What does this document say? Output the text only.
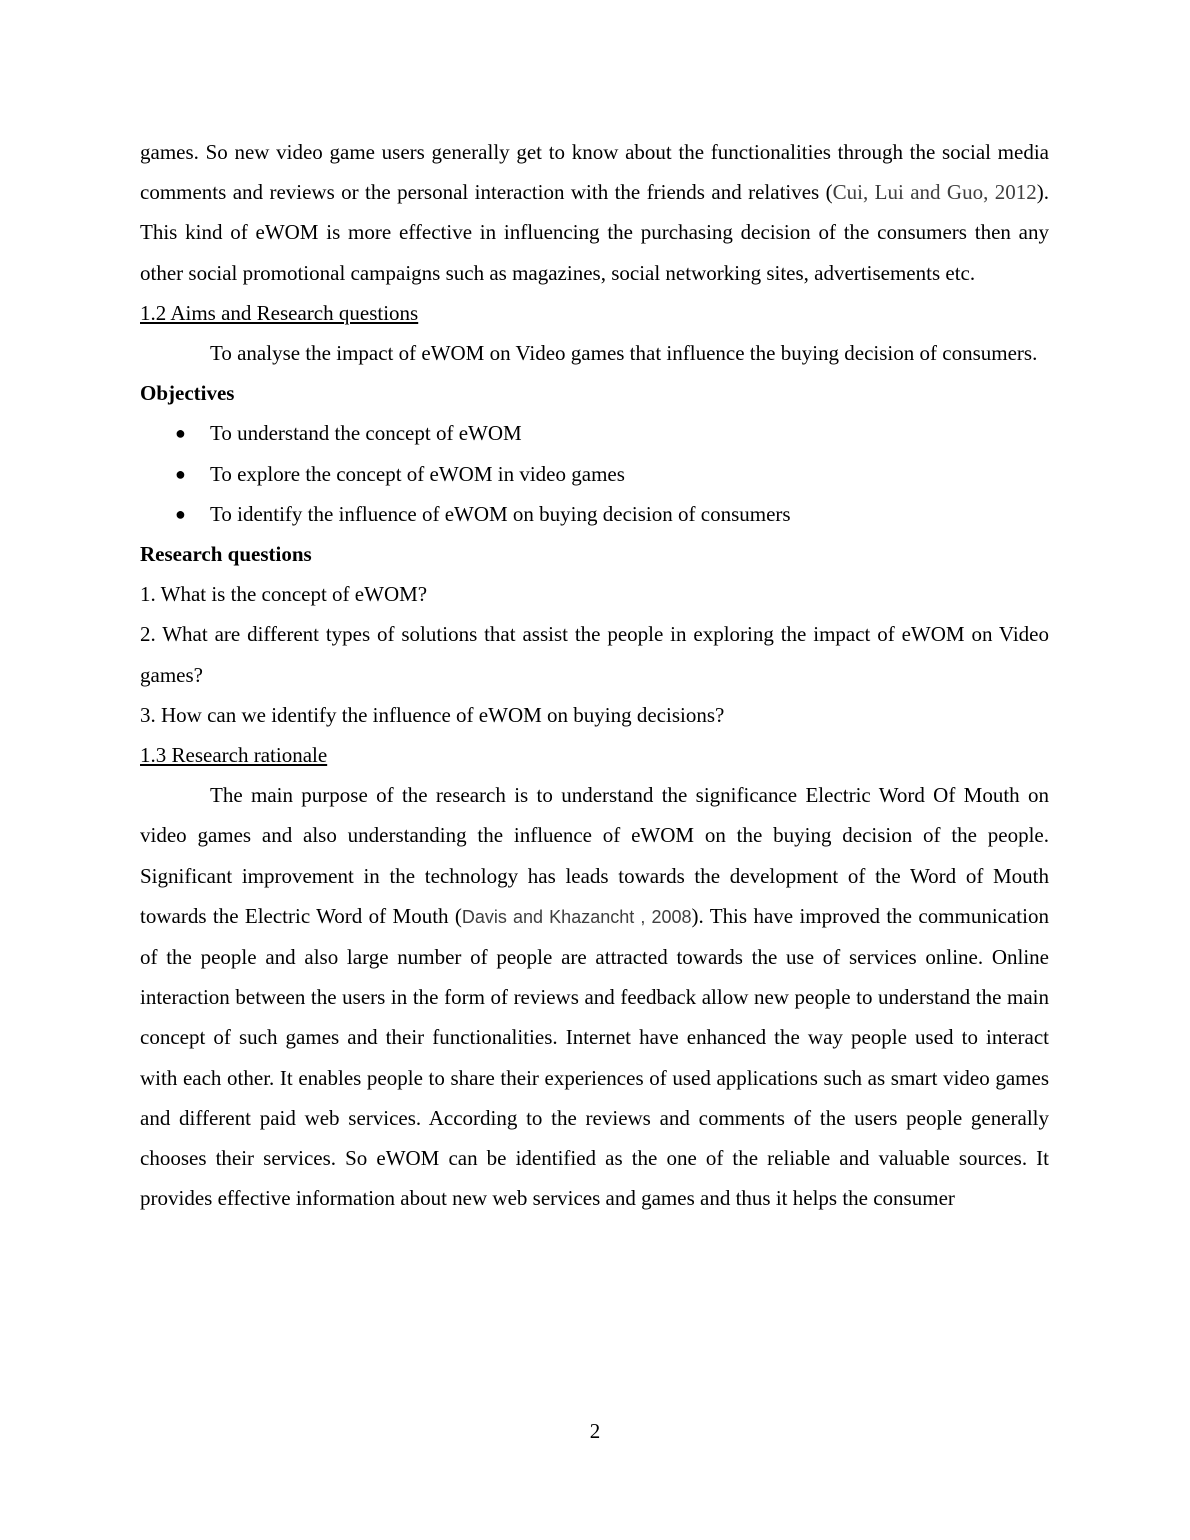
games. So new video game users generally get to know about the functionalities through the social media comments and reviews or the personal interaction with the friends and relatives (Cui, Lui and Guo, 2012). This kind of eWOM is more effective in influencing the purchasing decision of the consumers then any other social promotional campaigns such as magazines, social networking sites, advertisements etc.

1.2 Aims and Research questions

To analyse the impact of eWOM on Video games that influence the buying decision of consumers.

Objectives

● To understand the concept of eWOM
● To explore the concept of eWOM in video games
● To identify the influence of eWOM on buying decision of consumers

Research questions

1. What is the concept of eWOM?

2. What are different types of solutions that assist the people in exploring the impact of eWOM on Video games?

3. How can we identify the influence of eWOM on buying decisions?

1.3 Research rationale

The main purpose of the research is to understand the significance Electric Word Of Mouth on video games and also understanding the influence of eWOM on the buying decision of the people. Significant improvement in the technology has leads towards the development of the Word of Mouth towards the Electric Word of Mouth (Davis and Khazancht , 2008). This have improved the communication of the people and also large number of people are attracted towards the use of services online. Online interaction between the users in the form of reviews and feedback allow new people to understand the main concept of such games and their functionalities. Internet have enhanced the way people used to interact with each other. It enables people to share their experiences of used applications such as smart video games and different paid web services. According to the reviews and comments of the users people generally chooses their services. So eWOM can be identified as the one of the reliable and valuable sources. It provides effective information about new web services and games and thus it helps the consumer

2
